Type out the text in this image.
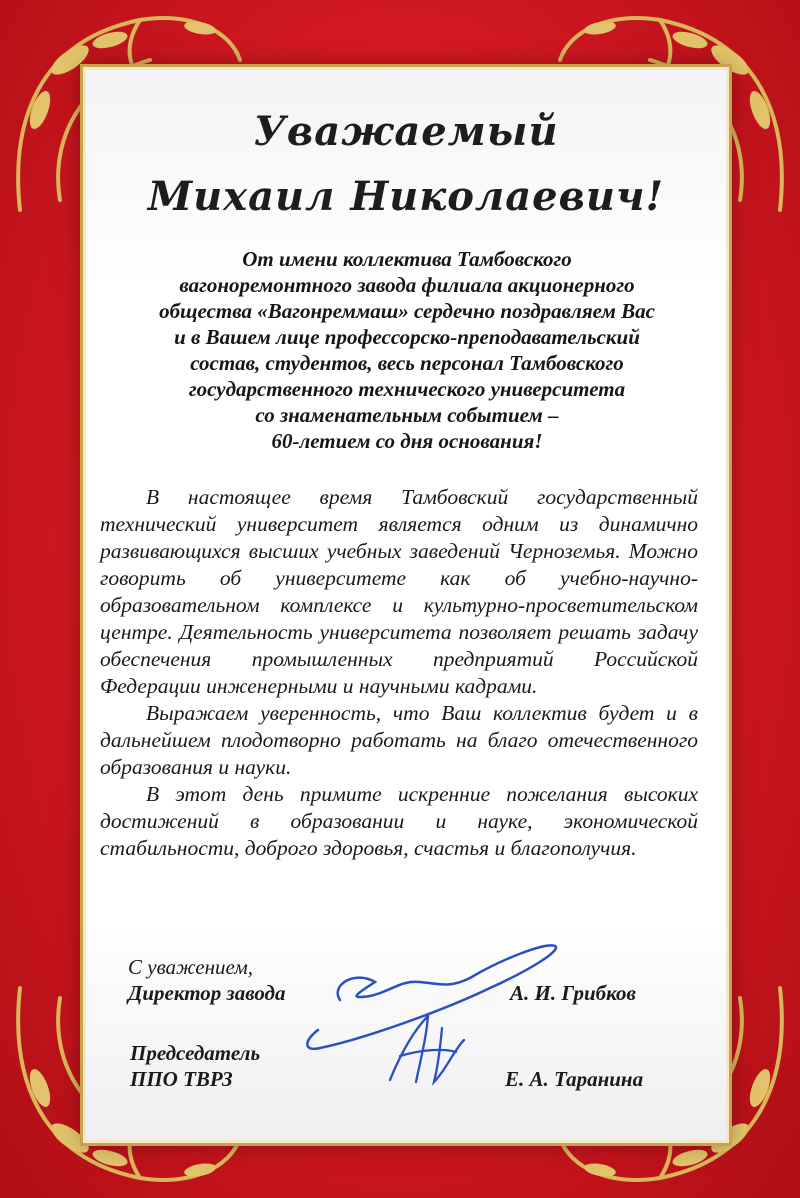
Уважаемый
Михаил Николаевич!
От имени коллектива Тамбовского
вагоноремонтного завода филиала акционерного
общества «Вагонреммаш» сердечно поздравляем Вас
и в Вашем лице профессорско-преподавательский
состав, студентов, весь персонал Тамбовского
государственного технического университета
со знаменательным событием –
60-летием со дня основания!

В настоящее время Тамбовский государственный технический университет является одним из динамично развивающихся высших учебных заведений Черноземья. Можно говорить об университете как об учебно-научно-образовательном комплексе и культурно-просветительском центре. Деятельность университета позволяет решать задачу обеспечения промышленных предприятий Российской Федерации инженерными и научными кадрами.

Выражаем уверенность, что Ваш коллектив будет и в дальнейшем плодотворно работать на благо отечественного образования и науки.

В этот день примите искренние пожелания высоких достижений в образовании и науке, экономической стабильности, доброго здоровья, счастья и благополучия.

С уважением,
Директор завода	А. И. Грибков
Председатель
ППО ТВРЗ	Е. А. Таранина
